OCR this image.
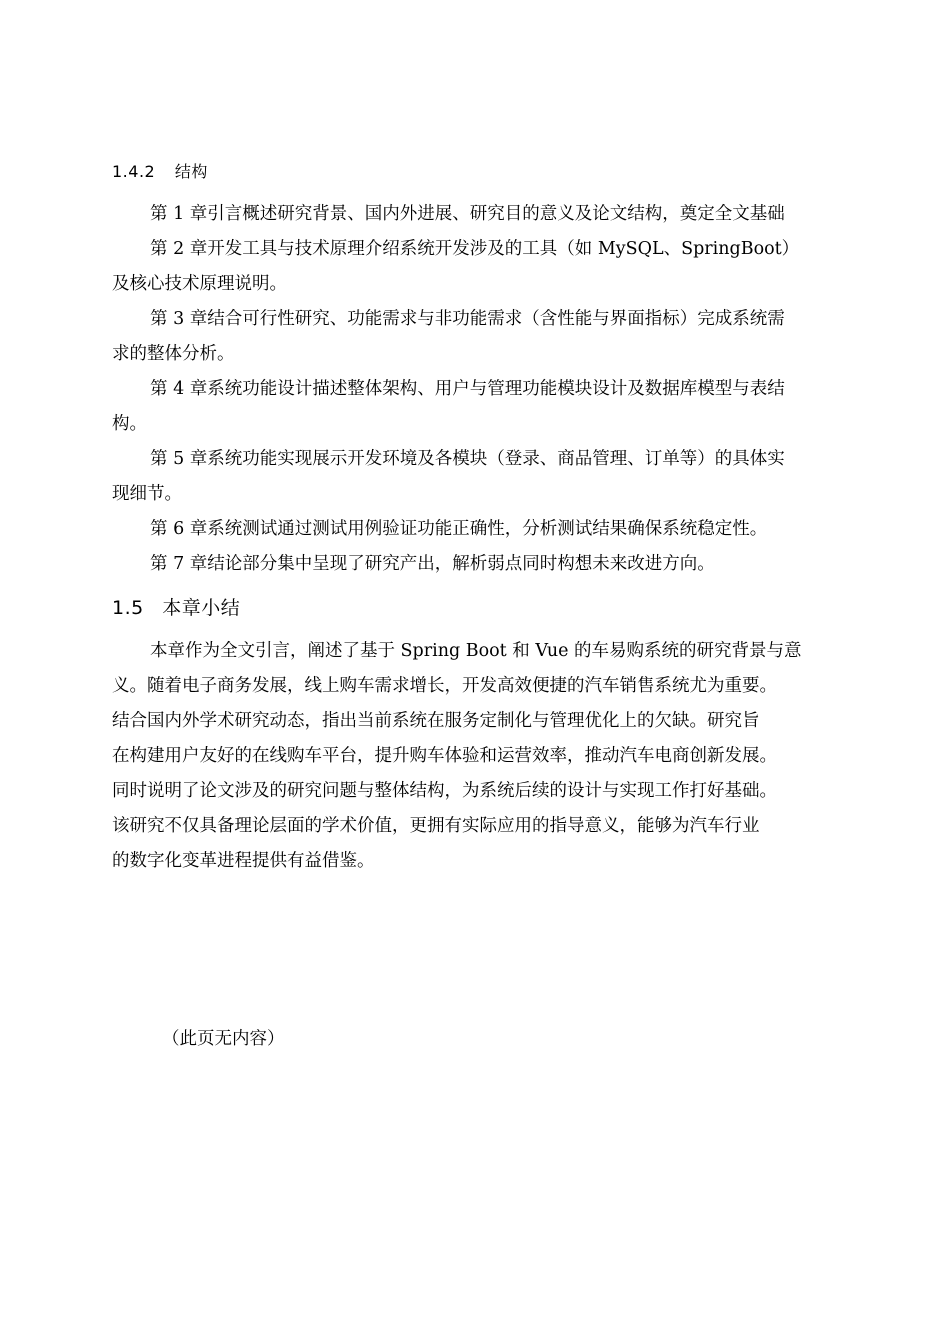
1.4.2 结构
第 1 章引言概述研究背景、国内外进展、研究目的意义及论文结构，奠定全文基础
第 2 章开发工具与技术原理介绍系统开发涉及的工具（如 MySQL、SpringBoot）
及核心技术原理说明。
第 3 章结合可行性研究、功能需求与非功能需求（含性能与界面指标）完成系统需
求的整体分析。
第 4 章系统功能设计描述整体架构、用户与管理功能模块设计及数据库模型与表结
构。
第 5 章系统功能实现展示开发环境及各模块（登录、商品管理、订单等）的具体实
现细节。
第 6 章系统测试通过测试用例验证功能正确性，分析测试结果确保系统稳定性。
第 7 章结论部分集中呈现了研究产出，解析弱点同时构想未来改进方向。
1.5 本章小结
本章作为全文引言，阐述了基于 Spring Boot 和 Vue 的车易购系统的研究背景与意
义。随着电子商务发展，线上购车需求增长，开发高效便捷的汽车销售系统尤为重要。
结合国内外学术研究动态，指出当前系统在服务定制化与管理优化上的欠缺。研究旨
在构建用户友好的在线购车平台，提升购车体验和运营效率，推动汽车电商创新发展。
同时说明了论文涉及的研究问题与整体结构，为系统后续的设计与实现工作打好基础。
该研究不仅具备理论层面的学术价值，更拥有实际应用的指导意义，能够为汽车行业
的数字化变革进程提供有益借鉴。
（此页无内容）
